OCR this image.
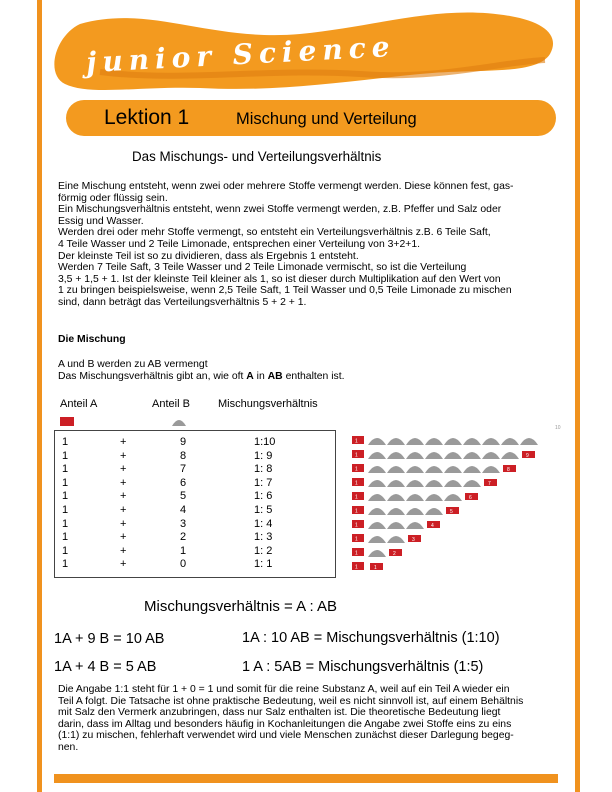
junior Science
Lektion 1	Mischung und Verteilung
Das Mischungs- und Verteilungsverhältnis
Eine Mischung entsteht, wenn zwei oder mehrere Stoffe vermengt werden. Diese können fest, gas-
förmig oder flüssig sein.
Ein Mischungsverhältnis entsteht, wenn zwei Stoffe vermengt werden, z.B. Pfeffer und Salz oder
Essig und Wasser.
Werden drei oder mehr Stoffe vermengt, so entsteht ein Verteilungsverhältnis z.B. 6 Teile Saft,
4 Teile Wasser und 2 Teile Limonade, entsprechen einer Verteilung von 3+2+1.
Der kleinste Teil ist so zu dividieren, dass als Ergebnis 1 entsteht.
Werden 7 Teile Saft, 3 Teile Wasser und 2 Teile Limonade vermischt, so ist die Verteilung
3,5 + 1,5 + 1. Ist der kleinste Teil kleiner als 1, so ist dieser durch Multiplikation auf den Wert von
1 zu bringen beispielsweise, wenn 2,5 Teile Saft, 1 Teil Wasser und 0,5 Teile Limonade zu mischen
sind, dann beträgt das Verteilungsverhältnis 5 + 2 + 1.
Die Mischung
A und B werden zu AB vermengt
Das Mischungsverhältnis gibt an, wie oft A in AB enthalten ist.
Anteil A	Anteil B	Mischungsverhältnis
1	+	9	1:10
1	+	8	1: 9
1	+	7	1: 8
1	+	6	1: 7
1	+	5	1: 6
1	+	4	1: 5
1	+	3	1: 4
1	+	2	1: 3
1	+	1	1: 2
1	+	0	1: 1
1
1	9
1	8
1	7
1	6
1	5
1	4
1	3
1	2
1	1
10
Mischungsverhältnis = A : AB
1A + 9 B = 10 AB	1A : 10 AB = Mischungsverhältnis (1:10)
1A + 4 B = 5 AB	1 A : 5AB = Mischungsverhältnis (1:5)
Die Angabe 1:1 steht für 1 + 0 = 1 und somit für die reine Substanz A, weil auf ein Teil A wieder ein
Teil A folgt. Die Tatsache ist ohne praktische Bedeutung, weil es nicht sinnvoll ist, auf einem Behältnis
mit Salz den Vermerk anzubringen, dass nur Salz enthalten ist. Die theoretische Bedeutung liegt
darin, dass im Alltag und besonders häufig in Kochanleitungen die Angabe zwei Stoffe eins zu eins
(1:1) zu mischen, fehlerhaft verwendet wird und viele Menschen zunächst dieser Darlegung begeg-
nen.
